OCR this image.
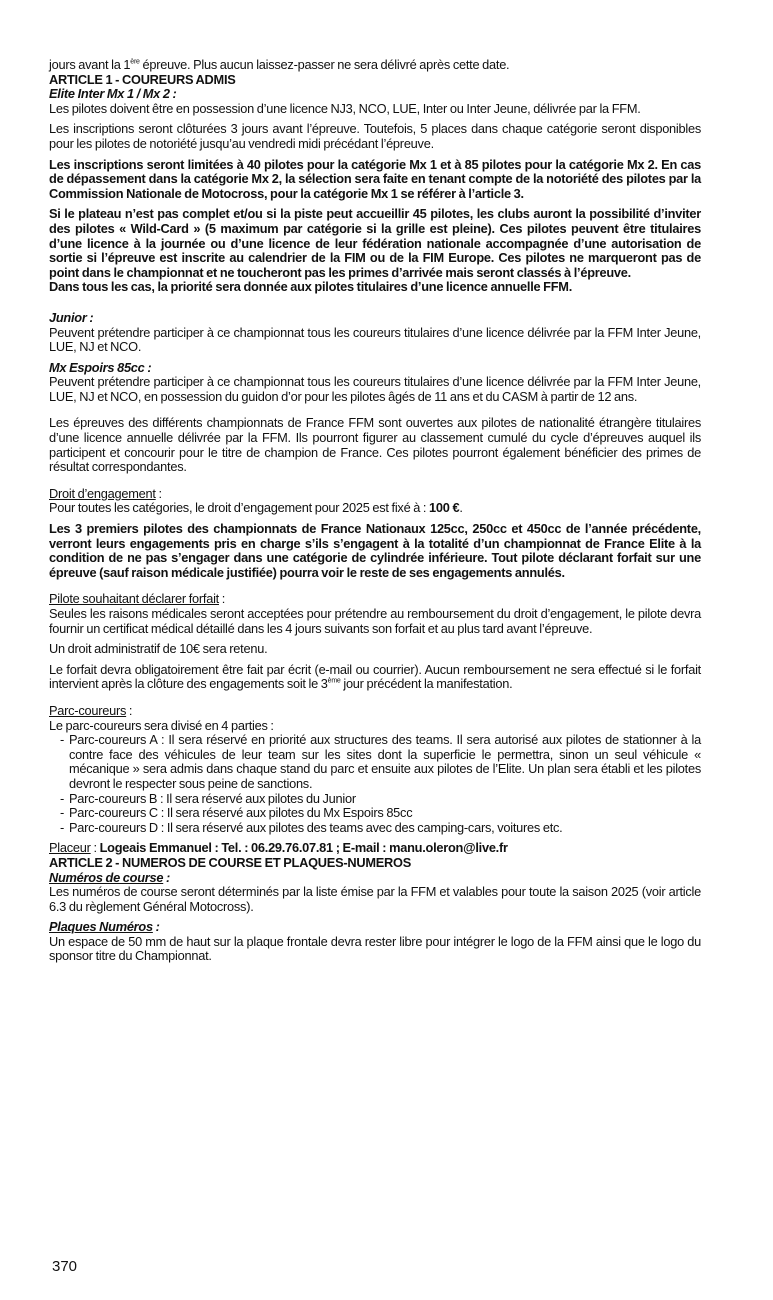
jours avant la 1ère épreuve. Plus aucun laissez-passer ne sera délivré après cette date.

ARTICLE 1 - COUREURS ADMIS
Elite Inter Mx 1 / Mx 2 :

Les pilotes doivent être en possession d’une licence NJ3, NCO, LUE, Inter ou Inter Jeune, délivrée par la FFM.

Les inscriptions seront clôturées 3 jours avant l’épreuve. Toutefois, 5 places dans chaque catégorie seront disponibles pour les pilotes de notoriété jusqu’au vendredi midi précédant l’épreuve.

Les inscriptions seront limitées à 40 pilotes pour la catégorie Mx 1 et à 85 pilotes pour la catégorie Mx 2. En cas de dépassement dans la catégorie Mx 2, la sélection sera faite en tenant compte de la notoriété des pilotes par la Commission Nationale de Motocross, pour la catégorie Mx 1 se référer à l’article 3.

Si le plateau n’est pas complet et/ou si la piste peut accueillir 45 pilotes, les clubs auront la possibilité d’inviter des pilotes « Wild-Card » (5 maximum par catégorie si la grille est pleine). Ces pilotes peuvent être titulaires d’une licence à la journée ou d’une licence de leur fédération nationale accompagnée d’une autorisation de sortie si l’épreuve est inscrite au calendrier de la FIM ou de la FIM Europe. Ces pilotes ne marqueront pas de point dans le championnat et ne toucheront pas les primes d’arrivée mais seront classés à l’épreuve.

Dans tous les cas, la priorité sera donnée aux pilotes titulaires d’une licence annuelle FFM.

Junior :

Peuvent prétendre participer à ce championnat tous les coureurs titulaires d’une licence délivrée par la FFM Inter Jeune, LUE, NJ et NCO.

Mx Espoirs 85cc :

Peuvent prétendre participer à ce championnat tous les coureurs titulaires d’une licence délivrée par la FFM Inter Jeune, LUE, NJ et NCO, en possession du guidon d’or pour les pilotes âgés de 11 ans et du CASM à partir de 12 ans.

Les épreuves des différents championnats de France FFM sont ouvertes aux pilotes de nationalité étrangère titulaires d’une licence annuelle délivrée par la FFM. Ils pourront figurer au classement cumulé du cycle d’épreuves auquel ils participent et concourir pour le titre de champion de France. Ces pilotes pourront également bénéficier des primes de résultat correspondantes.

Droit d’engagement :

Pour toutes les catégories, le droit d’engagement pour 2025 est fixé à : 100 €.

Les 3 premiers pilotes des championnats de France Nationaux 125cc, 250cc et 450cc de l’année précédente, verront leurs engagements pris en charge s’ils s’engagent à la totalité d’un championnat de France Elite à la condition de ne pas s’engager dans une catégorie de cylindrée inférieure. Tout pilote déclarant forfait sur une épreuve (sauf raison médicale justifiée) pourra voir le reste de ses engagements annulés.

Pilote souhaitant déclarer forfait :

Seules les raisons médicales seront acceptées pour prétendre au remboursement du droit d’engagement, le pilote devra fournir un certificat médical détaillé dans les 4 jours suivants son forfait et au plus tard avant l’épreuve.

Un droit administratif de 10€ sera retenu.

Le forfait devra obligatoirement être fait par écrit (e-mail ou courrier). Aucun remboursement ne sera effectué si le forfait intervient après la clôture des engagements soit le 3ème jour précédent la manifestation.

Parc-coureurs :

Le parc-coureurs sera divisé en 4 parties :

- Parc-coureurs A : Il sera réservé en priorité aux structures des teams. Il sera autorisé aux pilotes de stationner à la contre face des véhicules de leur team sur les sites dont la superficie le permettra, sinon un seul véhicule « mécanique » sera admis dans chaque stand du parc et ensuite aux pilotes de l’Elite. Un plan sera établi et les pilotes devront le respecter sous peine de sanctions.
- Parc-coureurs B : Il sera réservé aux pilotes du Junior
- Parc-coureurs C : Il sera réservé aux pilotes du Mx Espoirs 85cc
- Parc-coureurs D : Il sera réservé aux pilotes des teams avec des camping-cars, voitures etc.
Placeur : Logeais Emmanuel : Tel. : 06.29.76.07.81 ; E-mail : manu.oleron@live.fr
ARTICLE 2 - NUMEROS DE COURSE ET PLAQUES-NUMEROS
Numéros de course :

Les numéros de course seront déterminés par la liste émise par la FFM et valables pour toute la saison 2025 (voir article 6.3 du règlement Général Motocross).

Plaques Numéros :

Un espace de 50 mm de haut sur la plaque frontale devra rester libre pour intégrer le logo de la FFM ainsi que le logo du sponsor titre du Championnat.

370
